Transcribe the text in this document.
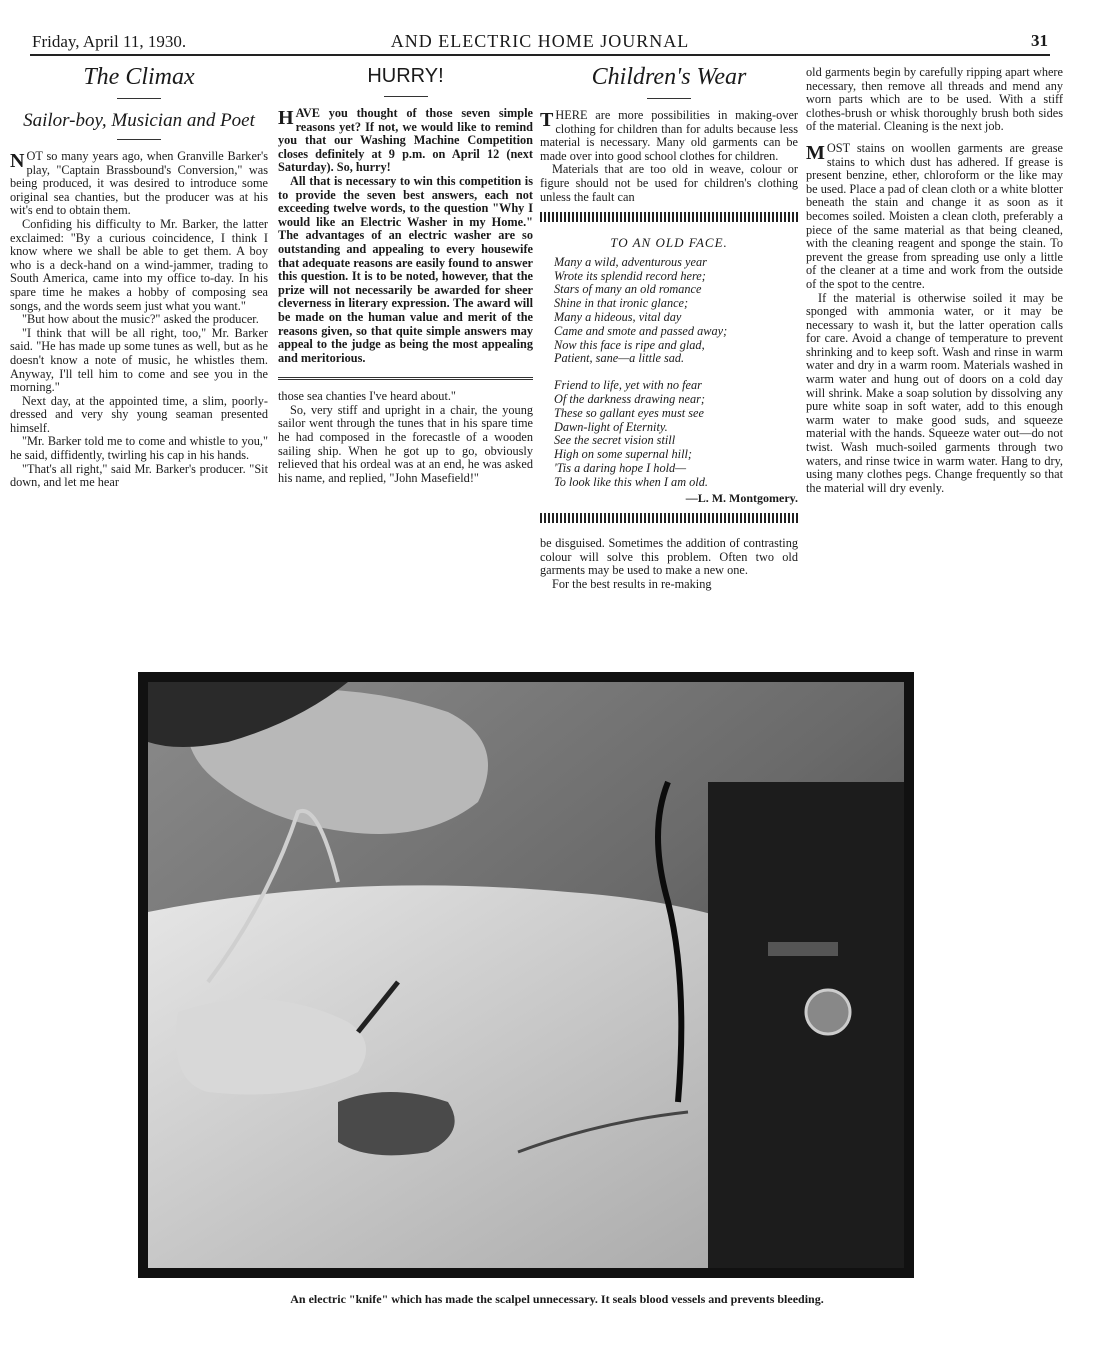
Friday, April 11, 1930.	AND ELECTRIC HOME JOURNAL	31
The Climax
Sailor-boy, Musician and Poet

NOT so many years ago, when Granville Barker's play, "Captain Brassbound's Conversion," was being produced, it was desired to introduce some original sea chanties, but the producer was at his wit's end to obtain them.

Confiding his difficulty to Mr. Barker, the latter exclaimed: "By a curious coincidence, I think I know where we shall be able to get them. A boy who is a deck-hand on a wind-jammer, trading to South America, came into my office to-day. In his spare time he makes a hobby of composing sea songs, and the words seem just what you want."

"But how about the music?" asked the producer.

"I think that will be all right, too," Mr. Barker said. "He has made up some tunes as well, but as he doesn't know a note of music, he whistles them. Anyway, I'll tell him to come and see you in the morning."

Next day, at the appointed time, a slim, poorly-dressed and very shy young seaman presented himself.

"Mr. Barker told me to come and whistle to you," he said, diffidently, twirling his cap in his hands.

"That's all right," said Mr. Barker's producer. "Sit down, and let me hear

HURRY!

HAVE you thought of those seven simple reasons yet? If not, we would like to remind you that our Washing Machine Competition closes definitely at 9 p.m. on April 12 (next Saturday). So, hurry!

All that is necessary to win this competition is to provide the seven best answers, each not exceeding twelve words, to the question "Why I would like an Electric Washer in my Home." The advantages of an electric washer are so outstanding and appealing to every housewife that adequate reasons are easily found to answer this question. It is to be noted, however, that the prize will not necessarily be awarded for sheer cleverness in literary expression. The award will be made on the human value and merit of the reasons given, so that quite simple answers may appeal to the judge as being the most appealing and meritorious.

those sea chanties I've heard about."

So, very stiff and upright in a chair, the young sailor went through the tunes that in his spare time he had composed in the forecastle of a wooden sailing ship. When he got up to go, obviously relieved that his ordeal was at an end, he was asked his name, and replied, "John Masefield!"

Children's Wear

THERE are more possibilities in making-over clothing for children than for adults because less material is necessary. Many old garments can be made over into good school clothes for children.

Materials that are too old in weave, colour or figure should not be used for children's clothing unless the fault can

TO AN OLD FACE.
Many a wild, adventurous year
Wrote its splendid record here;
Stars of many an old romance
Shine in that ironic glance;
Many a hideous, vital day
Came and smote and passed away;
Now this face is ripe and glad,
Patient, sane—a little sad.
Friend to life, yet with no fear
Of the darkness drawing near;
These so gallant eyes must see
Dawn-light of Eternity.
See the secret vision still
High on some supernal hill;
'Tis a daring hope I hold—
To look like this when I am old.
—L. M. Montgomery.

be disguised. Sometimes the addition of contrasting colour will solve this problem. Often two old garments may be used to make a new one.

For the best results in re-making

old garments begin by carefully ripping apart where necessary, then remove all threads and mend any worn parts which are to be used. With a stiff clothes-brush or whisk thoroughly brush both sides of the material. Cleaning is the next job.

MOST stains on woollen garments are grease stains to which dust has adhered. If grease is present benzine, ether, chloroform or the like may be used. Place a pad of clean cloth or a white blotter beneath the stain and change it as soon as it becomes soiled. Moisten a clean cloth, preferably a piece of the same material as that being cleaned, with the cleaning reagent and sponge the stain. To prevent the grease from spreading use only a little of the cleaner at a time and work from the outside of the spot to the centre.

If the material is otherwise soiled it may be sponged with ammonia water, or it may be necessary to wash it, but the latter operation calls for care. Avoid a change of temperature to prevent shrinking and to keep soft. Wash and rinse in warm water and dry in a warm room. Materials washed in warm water and hung out of doors on a cold day will shrink. Make a soap solution by dissolving any pure white soap in soft water, add to this enough warm water to make good suds, and squeeze material with the hands. Squeeze water out—do not twist. Wash much-soiled garments through two waters, and rinse twice in warm water. Hang to dry, using many clothes pegs. Change frequently so that the material will dry evenly.

An electric "knife" which has made the scalpel unnecessary. It seals blood vessels and prevents bleeding.
